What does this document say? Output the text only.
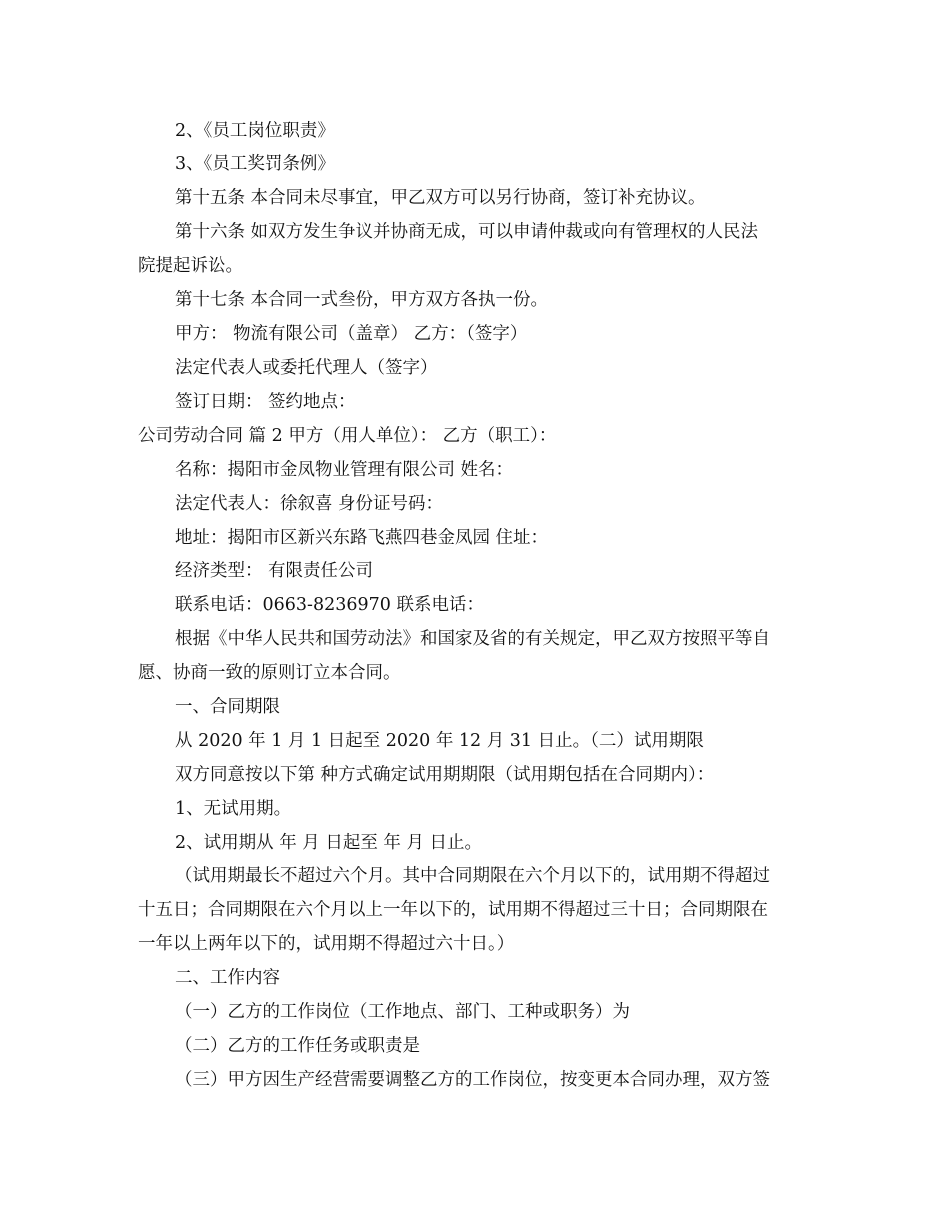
2、《员工岗位职责》
3、《员工奖罚条例》
第十五条 本合同未尽事宜，甲乙双方可以另行协商，签订补充协议。
第十六条 如双方发生争议并协商无成，可以申请仲裁或向有管理权的人民法
院提起诉讼。
第十七条 本合同一式叁份，甲方双方各执一份。
甲方： 物流有限公司（盖章） 乙方：（签字）
法定代表人或委托代理人（签字）
签订日期： 签约地点：
公司劳动合同 篇 2 甲方（用人单位）： 乙方（职工）：
名称：揭阳市金凤物业管理有限公司 姓名：
法定代表人：徐叙喜 身份证号码：
地址：揭阳市区新兴东路飞燕四巷金凤园 住址：
经济类型： 有限责任公司
联系电话：0663-8236970 联系电话：
根据《中华人民共和国劳动法》和国家及省的有关规定，甲乙双方按照平等自
愿、协商一致的原则订立本合同。
一、合同期限
从 2020 年 1 月 1 日起至 2020 年 12 月 31 日止。（二）试用期限
双方同意按以下第 种方式确定试用期期限（试用期包括在合同期内）：
1、无试用期。
2、试用期从 年 月 日起至 年 月 日止。
（试用期最长不超过六个月。其中合同期限在六个月以下的，试用期不得超过
十五日；合同期限在六个月以上一年以下的，试用期不得超过三十日；合同期限在
一年以上两年以下的，试用期不得超过六十日。）
二、工作内容
（一）乙方的工作岗位（工作地点、部门、工种或职务）为
（二）乙方的工作任务或职责是
（三）甲方因生产经营需要调整乙方的工作岗位，按变更本合同办理，双方签
